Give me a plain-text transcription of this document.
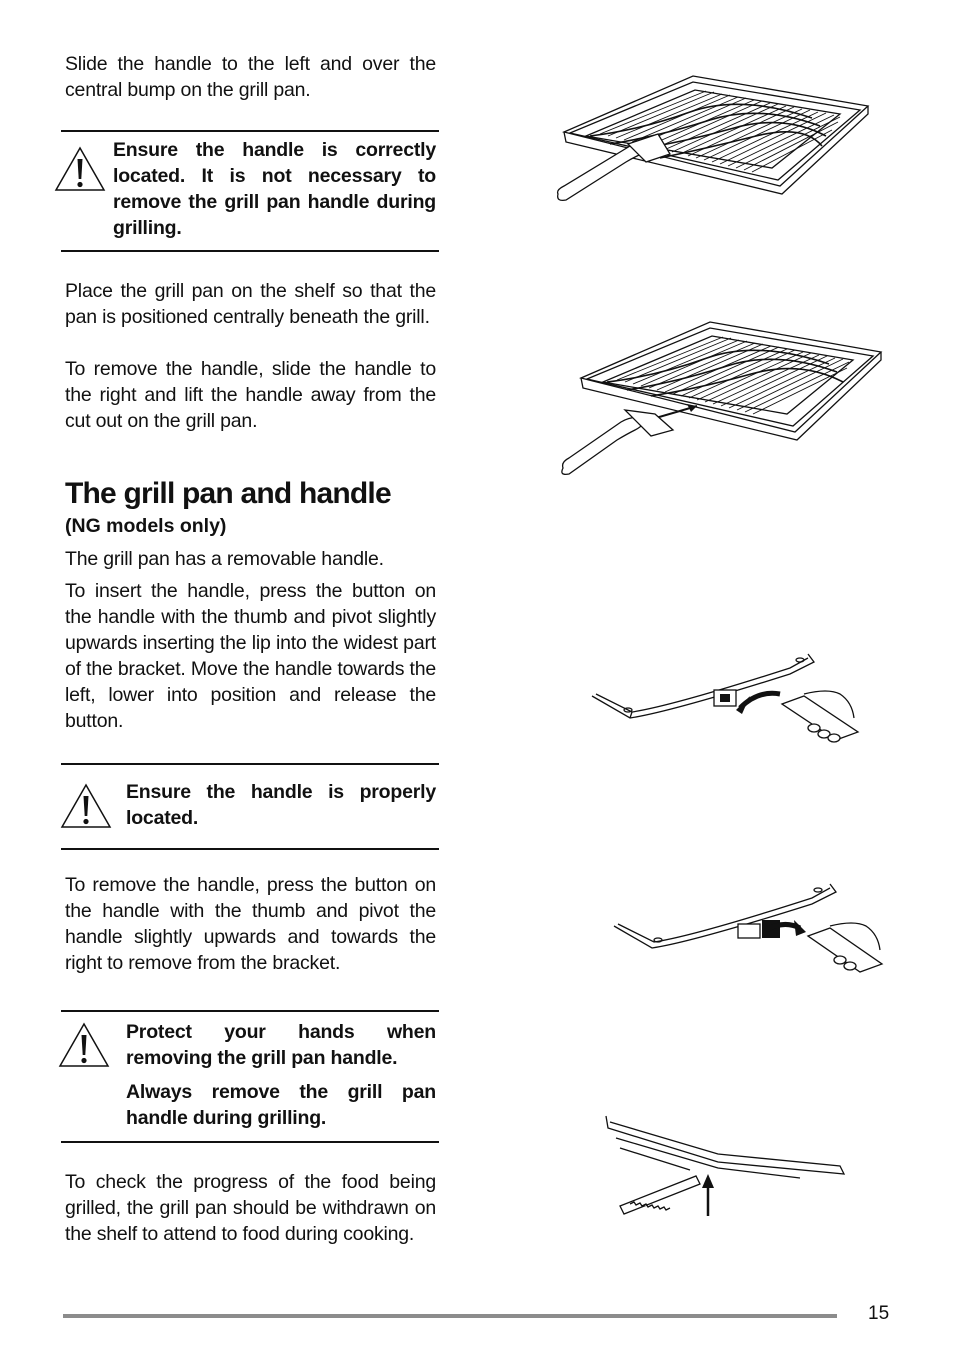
Slide the handle to the left and over the central bump on the grill pan.

Ensure the handle is correctly located. It is not necessary to remove the grill pan handle during grilling.

Place the grill pan on the shelf so that the pan is positioned centrally beneath the grill.

To remove the handle, slide the handle to the right and lift the handle away from the cut out on the grill pan.

The grill pan and handle
(NG models only)

The grill pan has a removable handle.

To insert the handle, press the button on the handle with the thumb and pivot slightly upwards inserting the lip into the widest part of the bracket. Move the handle towards the left, lower into position and release the button.

Ensure the handle is properly located.

To remove the handle, press the button on the handle with the thumb and pivot the handle slightly upwards and towards the right to remove from the bracket.

Protect your hands when removing the grill pan handle.

Always remove the grill pan handle during grilling.

To check the progress of the food being grilled, the grill pan should be withdrawn on the shelf to attend to food during cooking.

15
